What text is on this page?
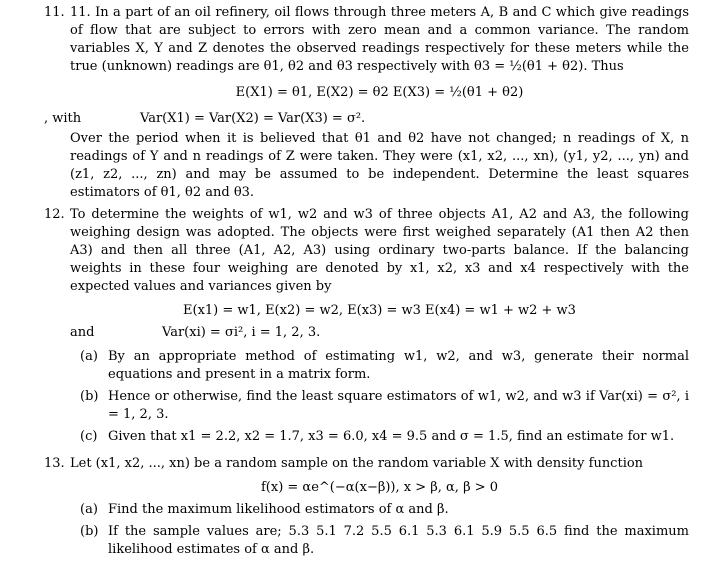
11. 11. In a part of an oil refinery, oil flows through three meters A, B and C which give readings of flow that are subject to errors with zero mean and a common variance. The random variables X, Y and Z denotes the observed readings respectively for these meters while the true (unknown) readings are θ1, θ2 and θ3 respectively with θ3 = ½(θ1 + θ2). Thus
E(X1) = θ1, E(X2) = θ2 E(X3) = ½(θ1 + θ2)
, with	Var(X1) = Var(X2) = Var(X3) = σ².
Over the period when it is believed that θ1 and θ2 have not changed; n readings of X, n readings of Y and n readings of Z were taken. They were (x1, x2, ..., xn), (y1, y2, ..., yn) and (z1, z2, ..., zn) and may be assumed to be independent. Determine the least squares estimators of θ1, θ2 and θ3.
12. To determine the weights of w1, w2 and w3 of three objects A1, A2 and A3, the following weighing design was adopted. The objects were first weighed separately (A1 then A2 then A3) and then all three (A1, A2, A3) using ordinary two-parts balance. If the balancing weights in these four weighing are denoted by x1, x2, x3 and x4 respectively with the expected values and variances given by
E(x1) = w1, E(x2) = w2, E(x3) = w3 E(x4) = w1 + w2 + w3
and	Var(xi) = σi², i = 1, 2, 3.
(a) By an appropriate method of estimating w1, w2, and w3, generate their normal equations and present in a matrix form.
(b) Hence or otherwise, find the least square estimators of w1, w2, and w3 if Var(xi) = σ², i = 1, 2, 3.
(c) Given that x1 = 2.2, x2 = 1.7, x3 = 6.0, x4 = 9.5 and σ = 1.5, find an estimate for w1.
13. Let (x1, x2, ..., xn) be a random sample on the random variable X with density function
f(x) = αe^(−α(x−β)), x > β, α, β > 0
(a) Find the maximum likelihood estimators of α and β.
(b) If the sample values are; 5.3 5.1 7.2 5.5 6.1 5.3 6.1 5.9 5.5 6.5 find the maximum likelihood estimates of α and β.
